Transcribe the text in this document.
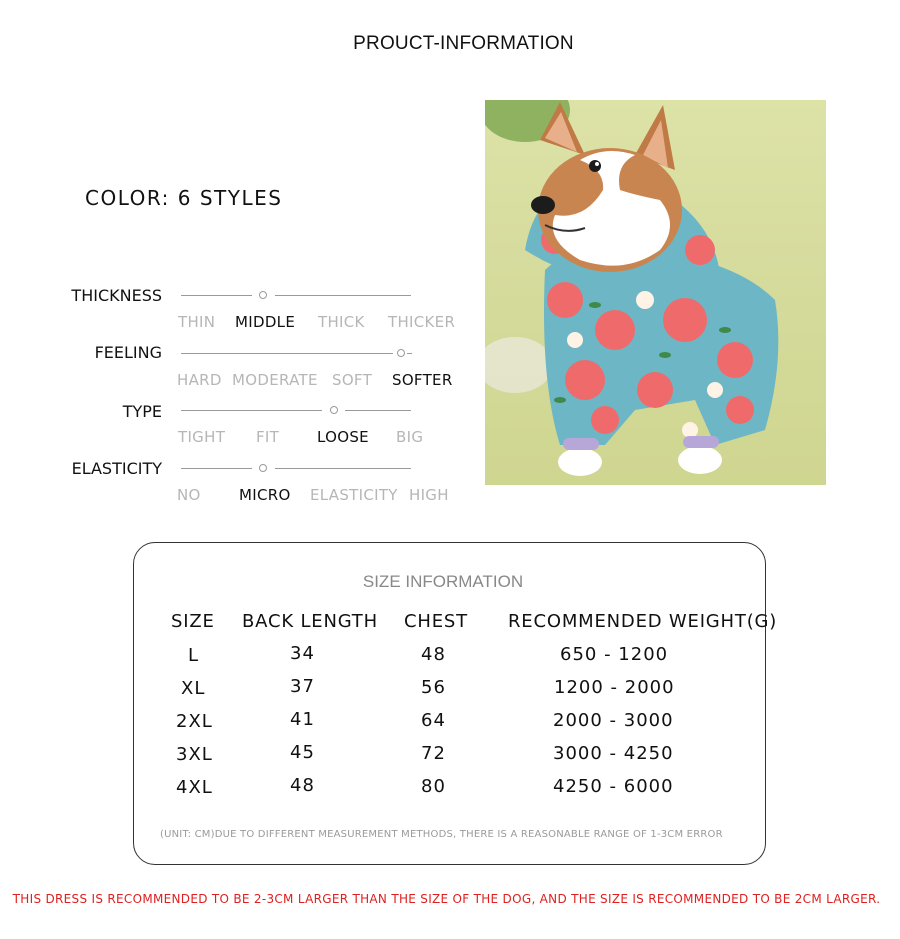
PROUCT-INFORMATION
COLOR: 6 STYLES
THICKNESS
THIN MIDDLE THICK THICKER
FEELING
HARD MODERATE SOFT SOFTER
TYPE
TIGHT FIT	LOOSE BIG
ELASTICITY
NO	MICRO ELASTICITY HIGH
SIZE INFORMATION
SIZE BACK LENGTH CHEST RECOMMENDED WEIGHT(G)
L	34	48	650 - 1200
XL	37	56	1200 - 2000
2XL	41	64	2000 - 3000
3XL	45	72	3000 - 4250
4XL	48	80	4250 - 6000
(UNIT: CM)DUE TO DIFFERENT MEASUREMENT METHODS, THERE IS A REASONABLE RANGE OF 1-3CM ERROR
THIS DRESS IS RECOMMENDED TO BE 2-3CM LARGER THAN THE SIZE OF THE DOG, AND THE SIZE IS RECOMMENDED TO BE 2CM LARGER.
